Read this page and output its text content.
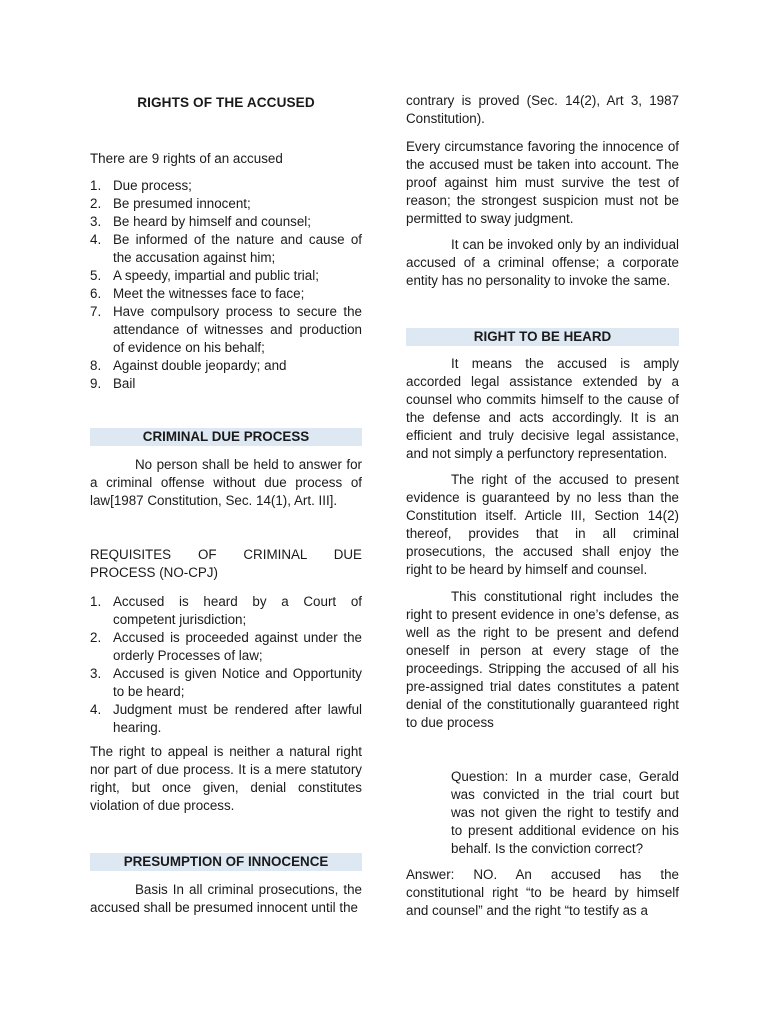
RIGHTS OF THE ACCUSED

There are 9 rights of an accused

1. Due process;
2. Be presumed innocent;
3. Be heard by himself and counsel;
4. Be informed of the nature and cause of the accusation against him;
5. A speedy, impartial and public trial;
6. Meet the witnesses face to face;
7. Have compulsory process to secure the attendance of witnesses and production of evidence on his behalf;
8. Against double jeopardy; and
9. Bail
CRIMINAL DUE PROCESS

No person shall be held to answer for a criminal offense without due process of law[1987 Constitution, Sec. 14(1), Art. III].

REQUISITES OF CRIMINAL DUE

PROCESS (NO-CPJ)

1. Accused is heard by a Court of competent jurisdiction;
2. Accused is proceeded against under the orderly Processes of law;
3. Accused is given Notice and Opportunity to be heard;
4. Judgment must be rendered after lawful hearing.

The right to appeal is neither a natural right nor part of due process. It is a mere statutory right, but once given, denial constitutes violation of due process.

PRESUMPTION OF INNOCENCE

Basis In all criminal prosecutions, the accused shall be presumed innocent until the

contrary is proved (Sec. 14(2), Art 3, 1987 Constitution).

Every circumstance favoring the innocence of the accused must be taken into account. The proof against him must survive the test of reason; the strongest suspicion must not be permitted to sway judgment.

It can be invoked only by an individual accused of a criminal offense; a corporate entity has no personality to invoke the same.

RIGHT TO BE HEARD

It means the accused is amply accorded legal assistance extended by a counsel who commits himself to the cause of the defense and acts accordingly. It is an efficient and truly decisive legal assistance, and not simply a perfunctory representation.

The right of the accused to present evidence is guaranteed by no less than the Constitution itself. Article III, Section 14(2) thereof, provides that in all criminal prosecutions, the accused shall enjoy the right to be heard by himself and counsel.

This constitutional right includes the right to present evidence in one’s defense, as well as the right to be present and defend oneself in person at every stage of the proceedings. Stripping the accused of all his pre-assigned trial dates constitutes a patent denial of the constitutionally guaranteed right to due process

Question: In a murder case, Gerald was convicted in the trial court but was not given the right to testify and to present additional evidence on his behalf. Is the conviction correct?

Answer: NO. An accused has the constitutional right “to be heard by himself and counsel” and the right “to testify as a
